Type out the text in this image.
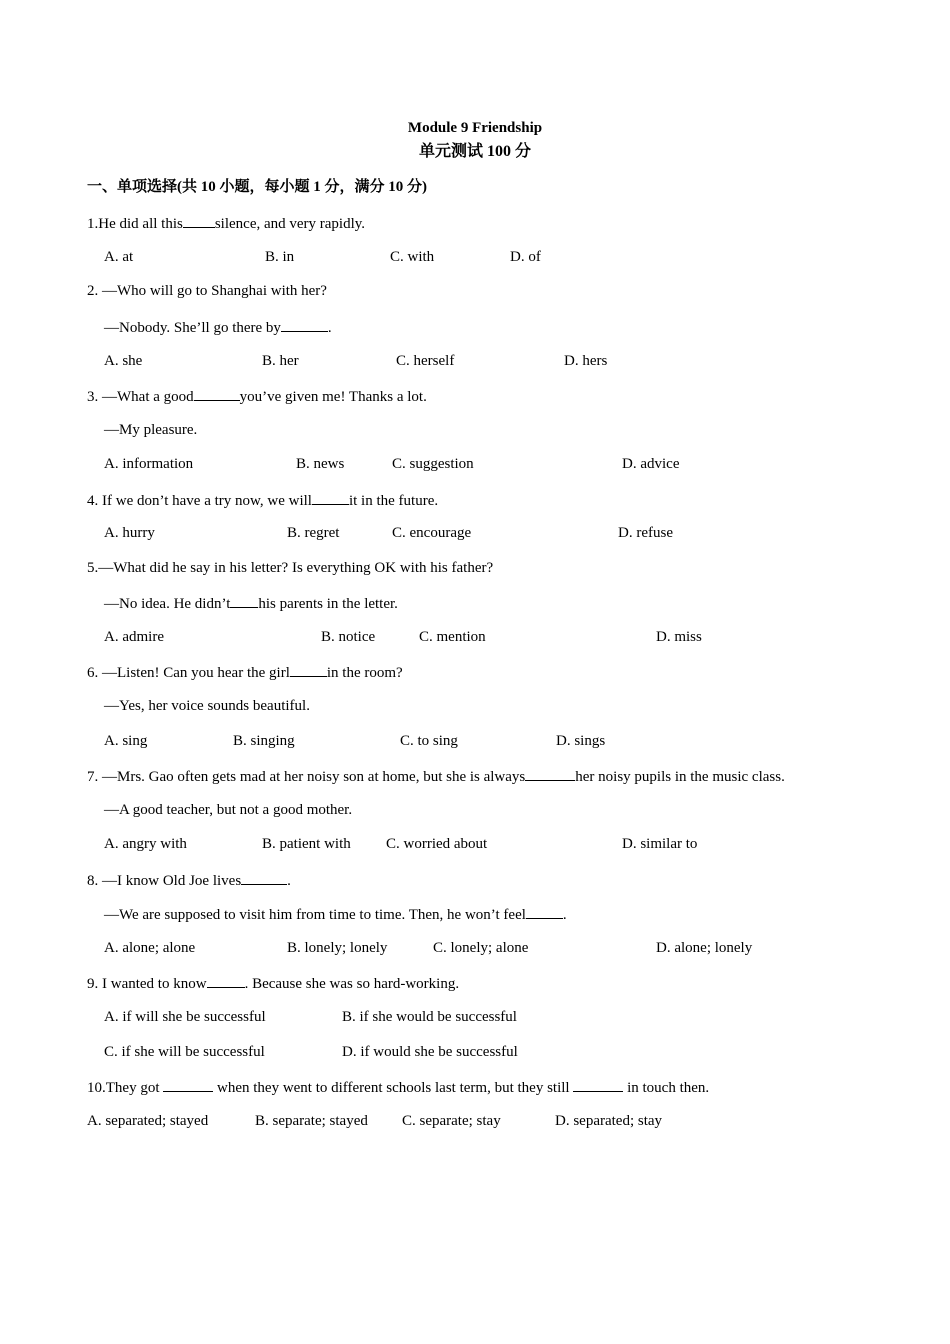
Module 9 Friendship
单元测试 100 分
一、单项选择(共 10 小题，每小题 1 分，满分 10 分)
1.He did all this silence, and very rapidly.
A. at	B. in	C. with	D. of
2. —Who will go to Shanghai with her?
—Nobody. She’ll go there by	.
A. she	B. her	C. herself	D. hers
3. —What a good	you’ve given me! Thanks a lot.
—My pleasure.
A. information	B. news	C. suggestion	D. advice
4. If we don’t have a try now, we will it in the future.
A. hurry	B. regret	C. encourage	D. refuse
5.—What did he say in his letter? Is everything OK with his father?
—No idea. He didn’t his parents in the letter.
A. admire	B. notice	C. mention	D. miss
6. —Listen! Can you hear the girl in the room?
—Yes, her voice sounds beautiful.
A. sing	B. singing	C. to sing	D. sings
7. —Mrs. Gao often gets mad at her noisy son at home, but she is always	her noisy pupils in the music class.
—A good teacher, but not a good mother.
A. angry with	B. patient with C. worried about	D. similar to
8. —I know Old Joe lives	.
—We are supposed to visit him from time to time. Then, he won’t feel .
A. alone; alone	B. lonely; lonely	C. lonely; alone	D. alone; lonely
9. I wanted to know	. Because she was so hard-working.
A. if will she be successful	B. if she would be successful
C. if she will be successful	D. if would she be successful
10.They got	when they went to different schools last term, but they still	in touch then.
A. separated; stayed	B. separate; stayed C. separate; stay	D. separated; stay
